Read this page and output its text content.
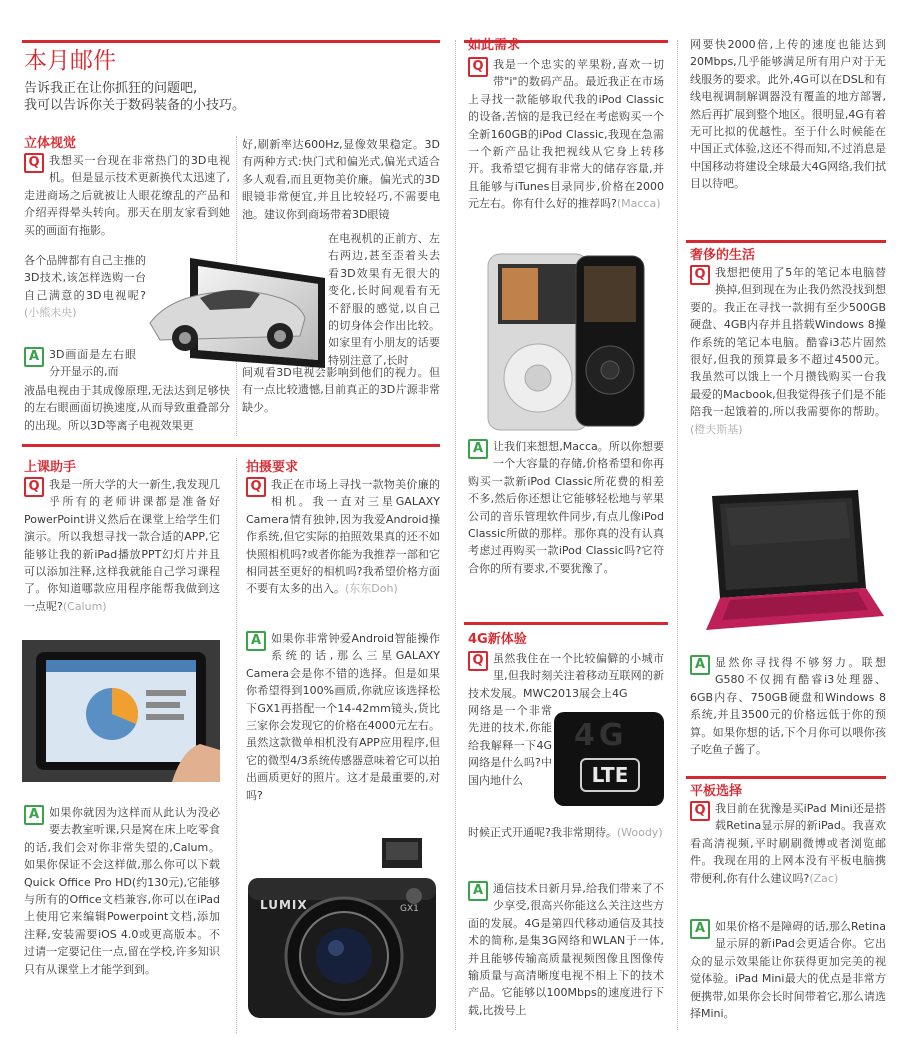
本月邮件
告诉我正在让你抓狂的问题吧,
我可以告诉你关于数码装备的小技巧。
立体视觉
Q 我想买一台现在非常热门的3D电视机。但是显示技术更新换代太迅速了,走进商场之后就被让人眼花缭乱的产品和介绍弄得晕头转向。那天在朋友家看到她买的画面有拖影。
各个品牌都有自己主推的3D技术,该怎样选购一台自己满意的3D电视呢?(小熊未央)
A 3D画面是左右眼分开显示的,而
液晶电视由于其成像原理,无法达到足够快的左右眼画面切换速度,从而导致重叠部分的出现。所以3D等离子电视效果更
好,刷新率达600Hz,显像效果稳定。3D有两种方式:快门式和偏光式,偏光式适合多人观看,而且更物美价廉。偏光式的3D眼镜非常便宜,并且比较轻巧,不需要电池。建议你到商场带着3D眼镜
在电视机的正前方、左右两边,甚至歪着头去看3D效果有无很大的变化,长时间观看有无不舒服的感觉,以自己的切身体会作出比较。如家里有小朋友的话要特别注意了,长时
间观看3D电视会影响到他们的视力。但有一点比较遗憾,目前真正的3D片源非常缺少。
上课助手
Q 我是一所大学的大一新生,我发现几乎所有的老师讲课都是准备好PowerPoint讲义然后在课堂上给学生们演示。所以我想寻找一款合适的APP,它能够让我的新iPad播放PPT幻灯片并且可以添加注释,这样我就能自己学习课程了。你知道哪款应用程序能帮我做到这一点呢?(Calum)
A 如果你就因为这样而从此认为没必要去教室听课,只是窝在床上吃零食的话,我们会对你非常失望的,Calum。如果你保证不会这样做,那么你可以下载Quick Office Pro HD(约130元),它能够与所有的Office文档兼容,你可以在iPad上使用它来编辑Powerpoint文档,添加注释,安装需要iOS 4.0或更高版本。不过请一定要记住一点,留在学校,许多知识只有从课堂上才能学到到。
拍摄要求
Q 我正在市场上寻找一款物美价廉的相机。我一直对三星GALAXY Camera情有独钟,因为我爱Android操作系统,但它实际的拍照效果真的还不如快照相机吗?或者你能为我推荐一部和它相同甚至更好的相机吗?我希望价格方面不要有太多的出入。(东东Doh)
A 如果你非常钟爱Android智能操作系统的话,那么三星GALAXY Camera会是你不错的选择。但是如果你希望得到100%画质,你就应该选择松下GX1再搭配一个14-42mm镜头,货比三家你会发现它的价格在4000元左右。虽然这款微单相机没有APP应用程序,但它的微型4/3系统传感器意味着它可以拍出画质更好的照片。这才是最重要的,对吗?
LUMIX	GX1
如此需求
Q 我是一个忠实的苹果粉,喜欢一切带"i"的数码产品。最近我正在市场上寻找一款能够取代我的iPod Classic的设备,苦恼的是我已经在考虑购买一个全新160GB的iPod Classic,我现在急需一个新产品让我把视线从它身上转移开。我希望它拥有非常大的储存容量,并且能够与iTunes目录同步,价格在2000元左右。你有什么好的推荐吗?(Macca)
A 让我们来想想,Macca。所以你想要一个大容量的存储,价格希望和你再购买一款新iPod Classic所花费的相差不多,然后你还想让它能够轻松地与苹果公司的音乐管理软件同步,有点儿像iPod Classic所做的那样。那你真的没有认真考虑过再购买一款iPod Classic吗?它符合你的所有要求,不要犹豫了。
4G新体验
Q 虽然我住在一个比较偏僻的小城市里,但我时刻关注着移动互联网的新技术发展。MWC2013展会上4G
网络是一个非常先进的技术,你能给我解释一下4G网络是什么吗?中国内地什么
时候正式开通呢?我非常期待。(Woody)
4G
LTE
A 通信技术日新月异,给我们带来了不少享受,很高兴你能这么关注这些方面的发展。4G是第四代移动通信及其技术的简称,是集3G网络和WLAN于一体,并且能够传输高质量视频图像且图像传输质量与高清晰度电视不相上下的技术产品。它能够以100Mbps的速度进行下载,比拨号上
网要快2000倍,上传的速度也能达到20Mbps,几乎能够满足所有用户对于无线服务的要求。此外,4G可以在DSL和有线电视调制解调器没有覆盖的地方部署,然后再扩展到整个地区。很明显,4G有着无可比拟的优越性。至于什么时候能在中国正式体验,这还不得而知,不过消息是中国移动将建设全球最大4G网络,我们拭目以待吧。
奢侈的生活
Q 我想把使用了5年的笔记本电脑替换掉,但到现在为止我仍然没找到想要的。我正在寻找一款拥有至少500GB硬盘、4GB内存并且搭载Windows 8操作系统的笔记本电脑。酷睿i3芯片固然很好,但我的预算最多不超过4500元。我虽然可以饿上一个月攒钱购买一台我最爱的Macbook,但我觉得孩子们是不能陪我一起饿着的,所以我需要你的帮助。(橙夫斯基)
A 显然你寻找得不够努力。联想G580不仅拥有酷睿i3处理器、6GB内存、750GB硬盘和Windows 8系统,并且3500元的价格远低于你的预算。如果你想的话,下个月你可以喂你孩子吃鱼子酱了。
平板选择
Q 我目前在犹豫是买iPad Mini还是搭载Retina显示屏的新iPad。我喜欢看高清视频,平时刷刷微博或者浏览邮件。我现在用的上网本没有平板电脑携带便利,你有什么建议吗?(Zac)
A 如果价格不是障碍的话,那么Retina显示屏的新iPad会更适合你。它出众的显示效果能让你获得更加完美的视觉体验。iPad Mini最大的优点是非常方便携带,如果你会长时间带着它,那么请选择Mini。
